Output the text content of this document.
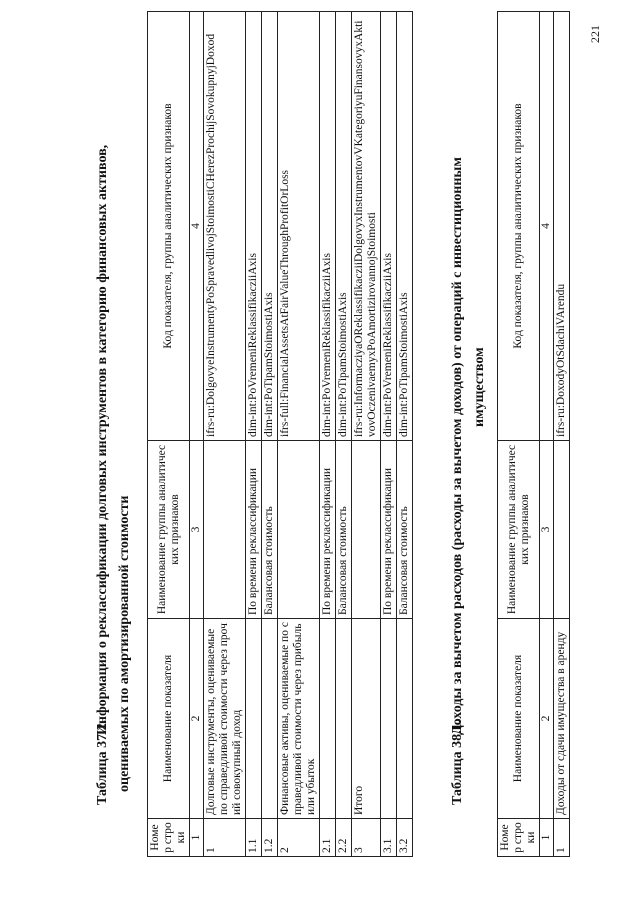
Таблица 37.2.Информация о реклассификации долговых инструментов в категорию финансовых активов, оцениваемых по амортизированной стоимости
Номер строки	Наименование показателя	Наименование группы аналитических признаков	Код показателя, группы аналитических признаков
1	2	3	4
1	Долговые инструменты, оцениваемые по справедливой стоимости через прочий совокупный доход		ifrs-ru:DolgovyeInstrumentyPoSpravedlivojStoimostiCHerezProchijSovokupnyjDoxod
1.1		По времени реклассификации	dim-int:PoVremeniReklassifikacziiAxis
1.2		Балансовая стоимость	dim-int:PoTipamStoimostiAxis
2	Финансовые активы, оцениваемые по справедливой стоимости через прибыль или убыток		ifrs-full:FinancialAssetsAtFairValueThroughProfitOrLoss
2.1		По времени реклассификации	dim-int:PoVremeniReklassifikacziiAxis
2.2		Балансовая стоимость	dim-int:PoTipamStoimostiAxis
3	Итого		ifrs-ru:InformacziyaOReklassifikacziiDolgovyxInstrumentovVKategoriyuFinansovyxAktivovOczenivaemyxPoAmortizirovannojStoimosti
3.1		По времени реклассификации	dim-int:PoVremeniReklassifikacziiAxis
3.2		Балансовая стоимость	dim-int:PoTipamStoimostiAxis
Таблица 38.1.Доходы за вычетом расходов (расходы за вычетом доходов) от операций с инвестиционным имуществом
Номер строки	Наименование показателя	Наименование группы аналитических признаков	Код показателя, группы аналитических признаков
1	2	3	4
1	Доходы от сдачи имущества в аренду		ifrs-ru:DoxodyOtSdachiVArendu
221
